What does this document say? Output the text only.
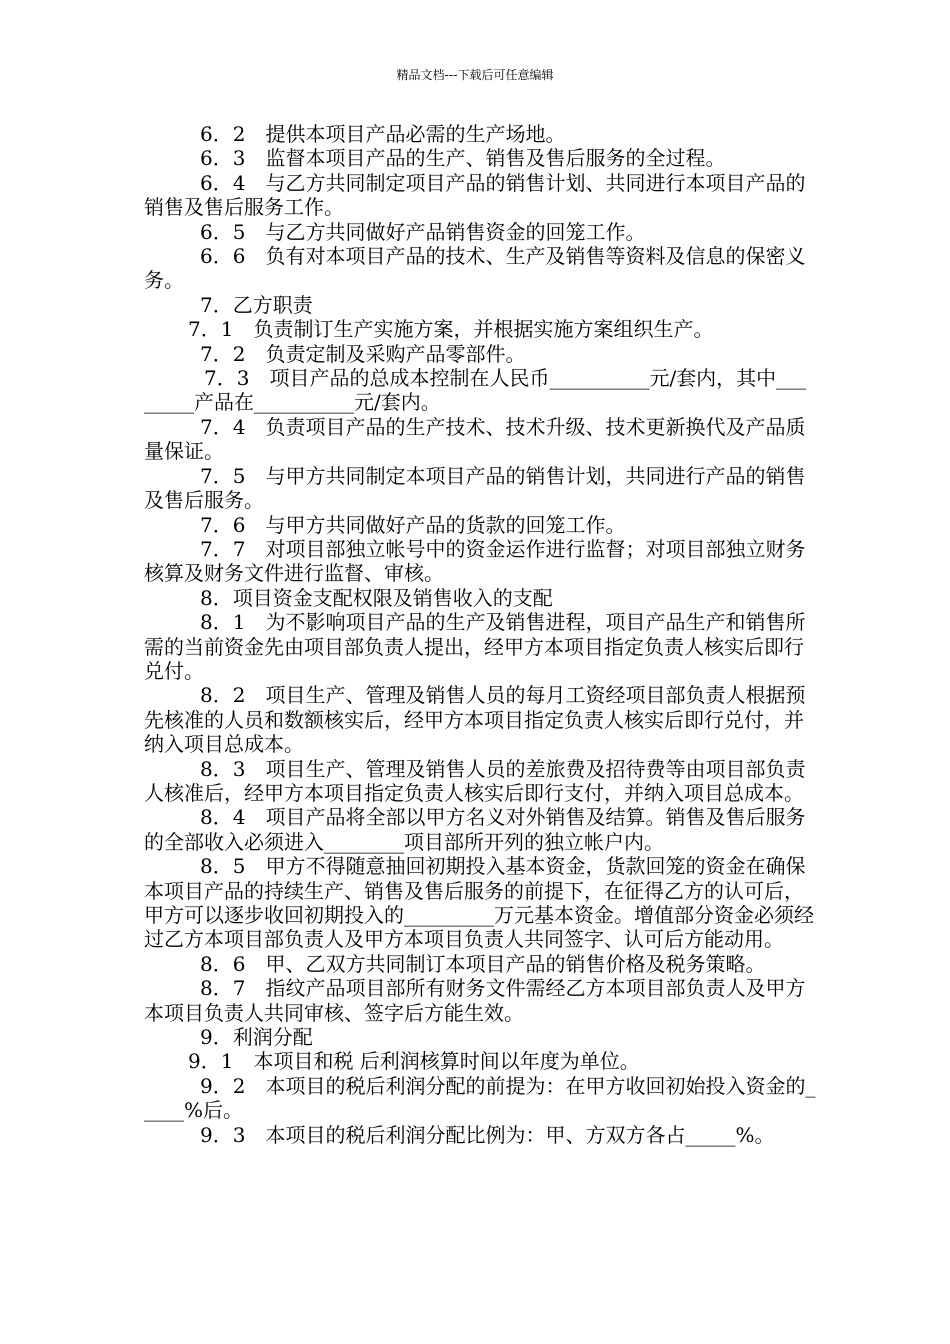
精品文档---下载后可任意编辑

6．2　提供本项目产品必需的生产场地。

6．3　监督本项目产品的生产、销售及售后服务的全过程。

6．4　与乙方共同制定项目产品的销售计划、共同进行本项目产品的销售及售后服务工作。

6．5　与乙方共同做好产品销售资金的回笼工作。

6．6　负有对本项目产品的技术、生产及销售等资料及信息的保密义务。

7．乙方职责

7．1　负责制订生产实施方案，并根据实施方案组织生产。

7．2　负责定制及采购产品零部件。

7．3　项目产品的总成本控制在人民币__________元/套内，其中________产品在__________元/套内。

7．4　负责项目产品的生产技术、技术升级、技术更新换代及产品质量保证。

7．5　与甲方共同制定本项目产品的销售计划，共同进行产品的销售及售后服务。

7．6　与甲方共同做好产品的货款的回笼工作。

7．7　对项目部独立帐号中的资金运作进行监督；对项目部独立财务核算及财务文件进行监督、审核。

8．项目资金支配权限及销售收入的支配

8．1　为不影响项目产品的生产及销售进程，项目产品生产和销售所需的当前资金先由项目部负责人提出，经甲方本项目指定负责人核实后即行兑付。

8．2　项目生产、管理及销售人员的每月工资经项目部负责人根据预先核准的人员和数额核实后，经甲方本项目指定负责人核实后即行兑付，并纳入项目总成本。

8．3　项目生产、管理及销售人员的差旅费及招待费等由项目部负责人核准后，经甲方本项目指定负责人核实后即行支付，并纳入项目总成本。

8．4　项目产品将全部以甲方名义对外销售及结算。销售及售后服务的全部收入必须进入________项目部所开列的独立帐户内。

8．5　甲方不得随意抽回初期投入基本资金，货款回笼的资金在确保本项目产品的持续生产、销售及售后服务的前提下，在征得乙方的认可后，甲方可以逐步收回初期投入的_________万元基本资金。增值部分资金必须经过乙方本项目部负责人及甲方本项目负责人共同签字、认可后方能动用。

8．6　甲、乙双方共同制订本项目产品的销售价格及税务策略。

8．7　指纹产品项目部所有财务文件需经乙方本项目部负责人及甲方本项目负责人共同审核、签字后方能生效。

9．利润分配

9．1　本项目和税 后利润核算时间以年度为单位。

9．2　本项目的税后利润分配的前提为：在甲方收回初始投入资金的_____%后。

9．3　本项目的税后利润分配比例为：甲、方双方各占_____%。
